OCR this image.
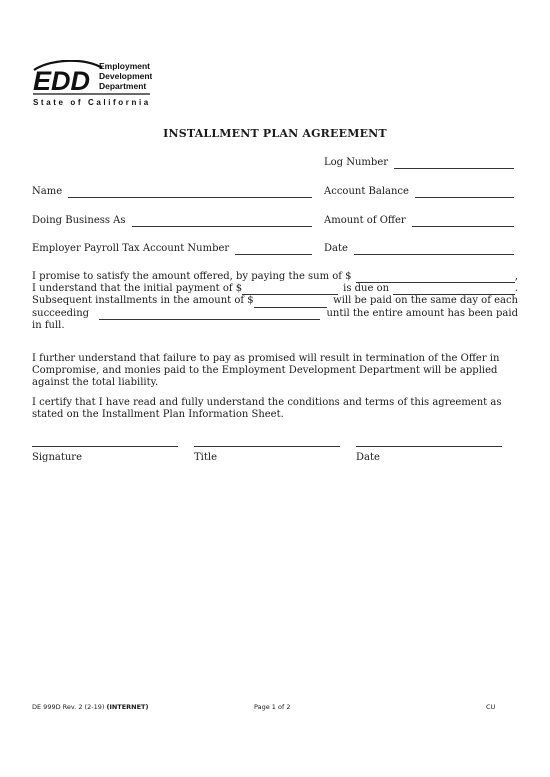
EDD Employment
Development
Department
State of California
INSTALLMENT PLAN AGREEMENT
Log Number
Name	Account Balance
Doing Business As	Amount of Offer
Employer Payroll Tax Account Number	Date
I promise to satisfy the amount offered, by paying the sum of $	,
I understand that the initial payment of $	is due on	.
Subsequent installments in the amount of $	will be paid on the same day of each
succeeding	until the entire amount has been paid
in full.
I further understand that failure to pay as promised will result in termination of the Offer in Compromise, and monies paid to the Employment Development Department will be applied against the total liability.
I certify that I have read and fully understand the conditions and terms of this agreement as stated on the Installment Plan Information Sheet.
Signature	Title	Date
DE 999D Rev. 2 (2-19) (INTERNET)	Page 1 of 2	CU
